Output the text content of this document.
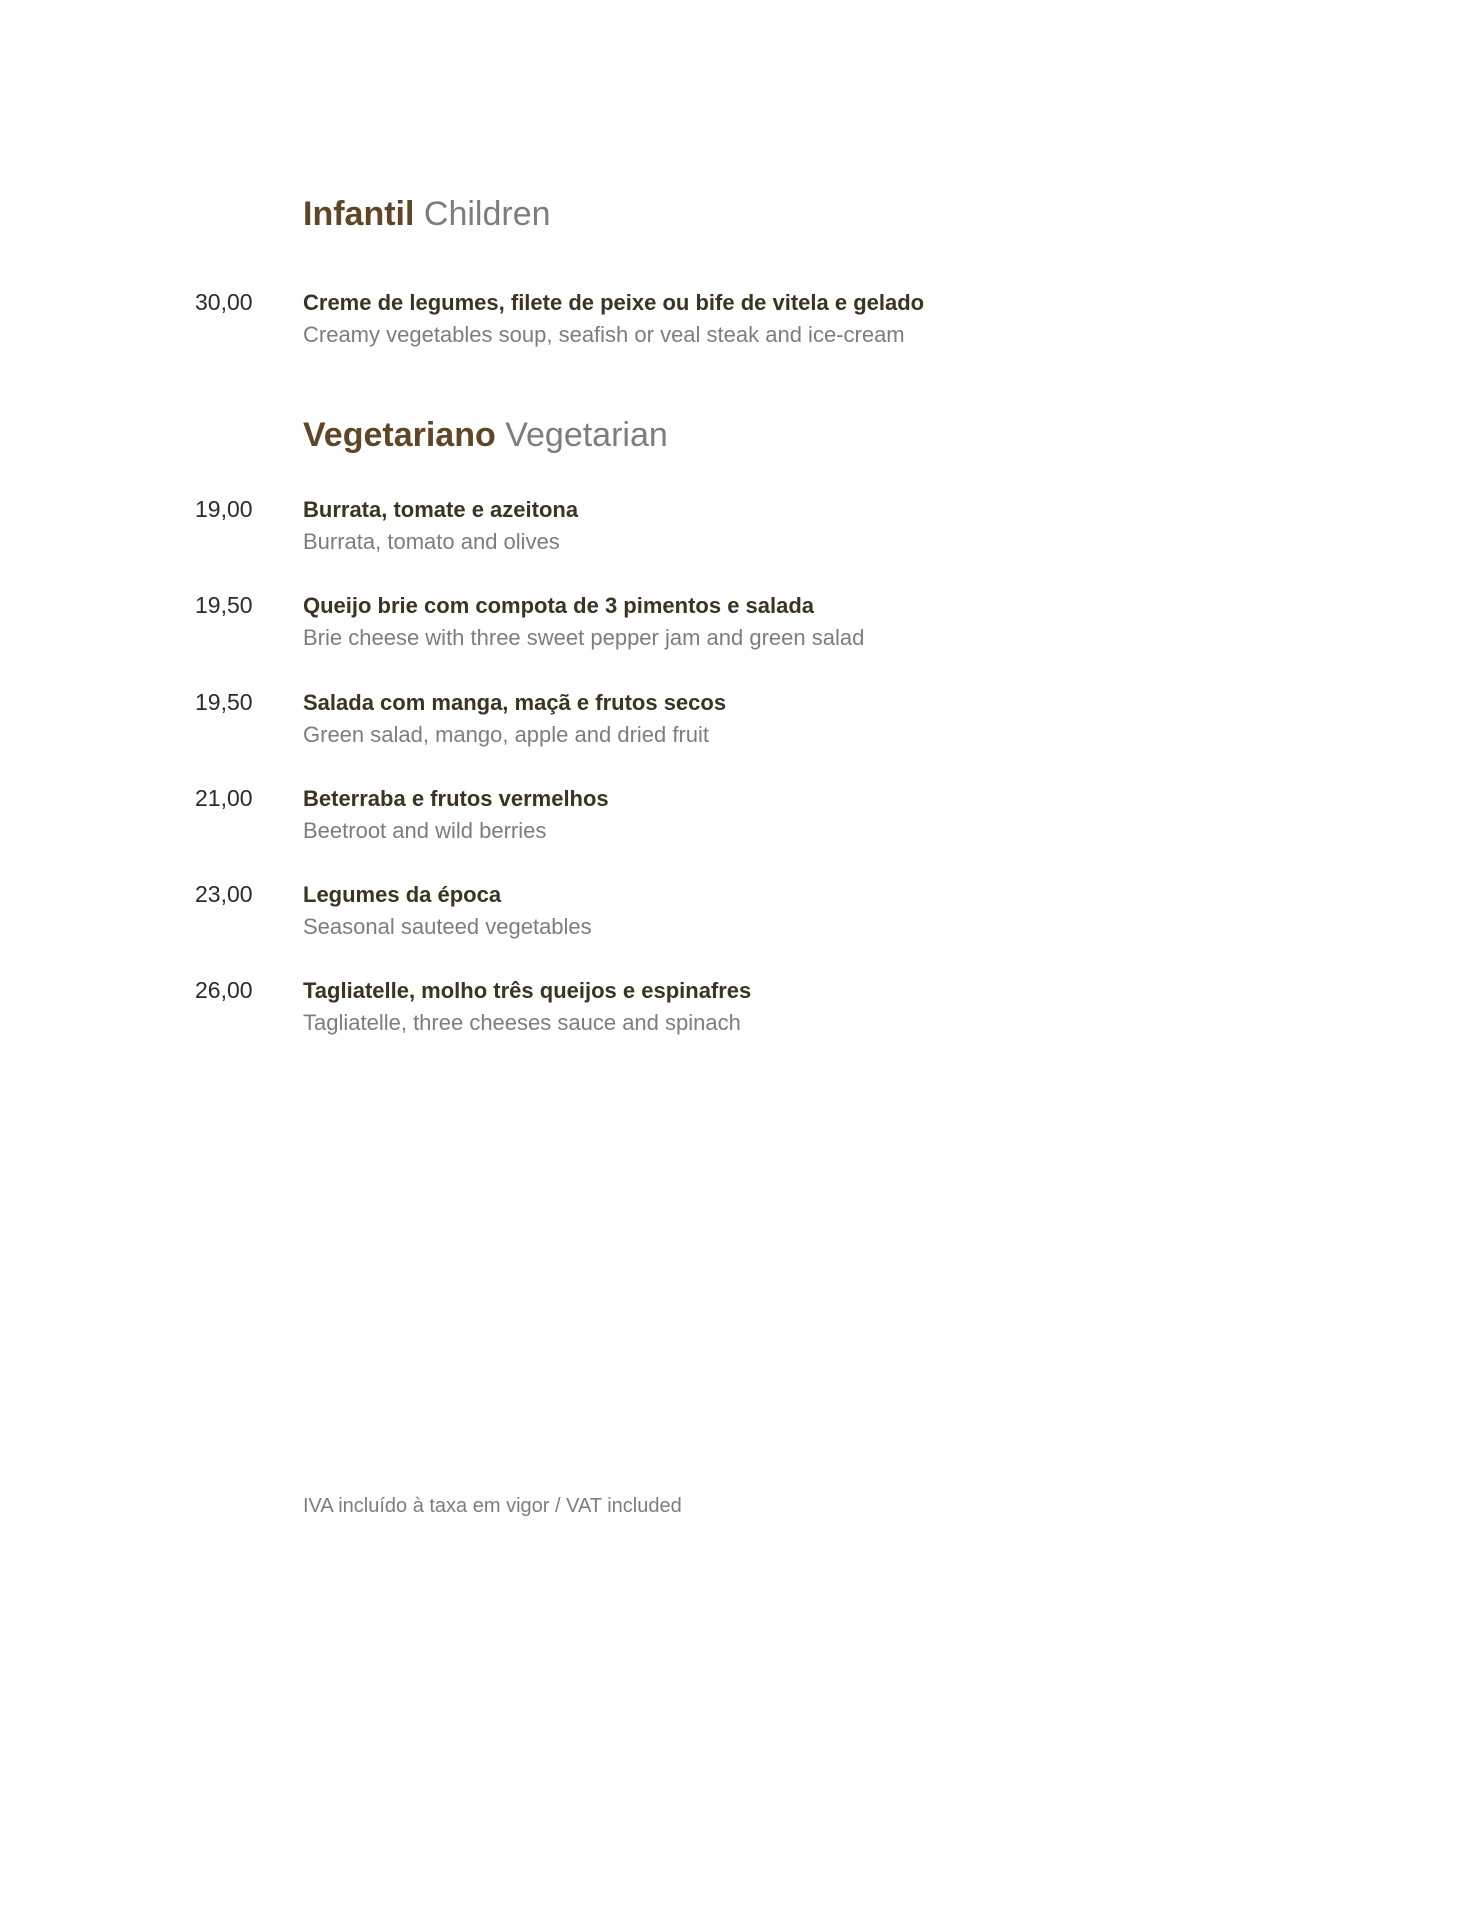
Infantil Children
30,00 Creme de legumes, filete de peixe ou bife de vitela e gelado
Creamy vegetables soup, seafish or veal steak and ice-cream
Vegetariano Vegetarian
19,00 Burrata, tomate e azeitona
Burrata, tomato and olives
19,50 Queijo brie com compota de 3 pimentos e salada
Brie cheese with three sweet pepper jam and green salad
19,50 Salada com manga, maçã e frutos secos
Green salad, mango, apple and dried fruit
21,00 Beterraba e frutos vermelhos
Beetroot and wild berries
23,00 Legumes da época
Seasonal sauteed vegetables
26,00 Tagliatelle, molho três queijos e espinafres
Tagliatelle, three cheeses sauce and spinach
IVA incluído à taxa em vigor / VAT included
